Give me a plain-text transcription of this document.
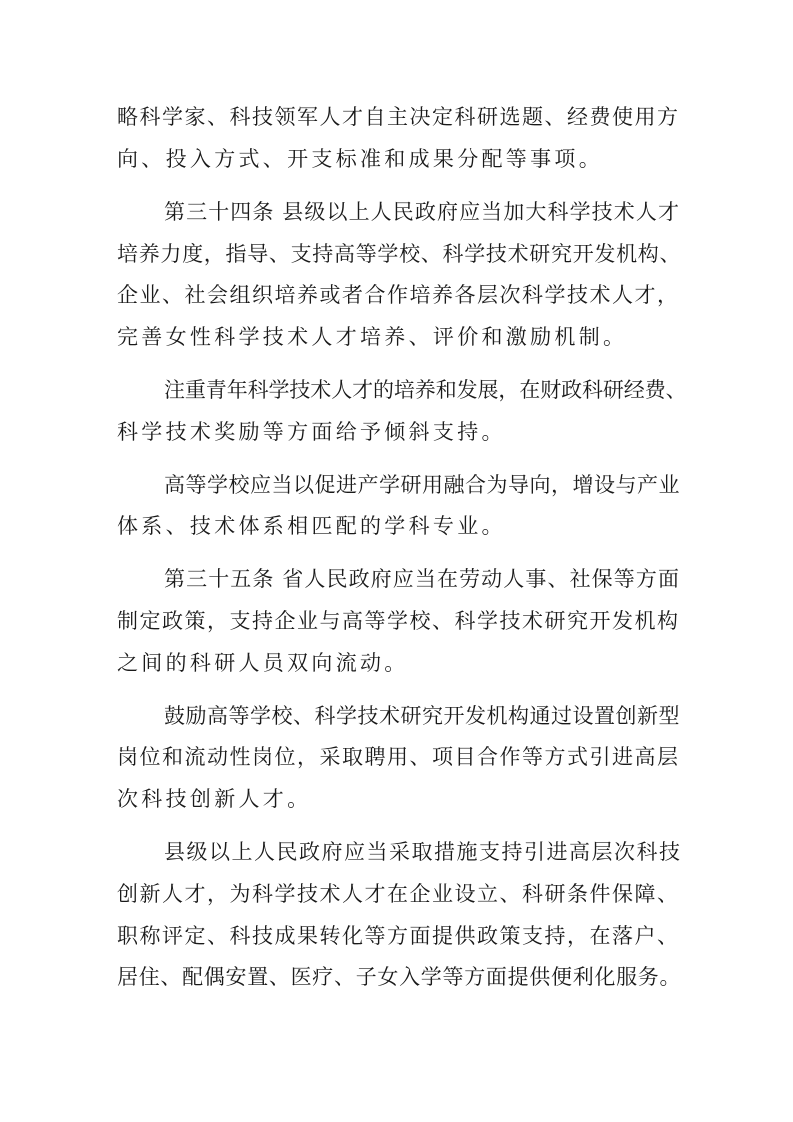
略科学家、科技领军人才自主决定科研选题、经费使用方

向、投入方式、开支标准和成果分配等事项。

第三十四条 县级以上人民政府应当加大科学技术人才

培养力度，指导、支持高等学校、科学技术研究开发机构、

企业、社会组织培养或者合作培养各层次科学技术人才，

完善女性科学技术人才培养、评价和激励机制。

注重青年科学技术人才的培养和发展，在财政科研经费、

科学技术奖励等方面给予倾斜支持。

高等学校应当以促进产学研用融合为导向，增设与产业

体系、技术体系相匹配的学科专业。

第三十五条 省人民政府应当在劳动人事、社保等方面

制定政策，支持企业与高等学校、科学技术研究开发机构

之间的科研人员双向流动。

鼓励高等学校、科学技术研究开发机构通过设置创新型

岗位和流动性岗位，采取聘用、项目合作等方式引进高层

次科技创新人才。

县级以上人民政府应当采取措施支持引进高层次科技

创新人才，为科学技术人才在企业设立、科研条件保障、

职称评定、科技成果转化等方面提供政策支持，在落户、

居住、配偶安置、医疗、子女入学等方面提供便利化服务。
